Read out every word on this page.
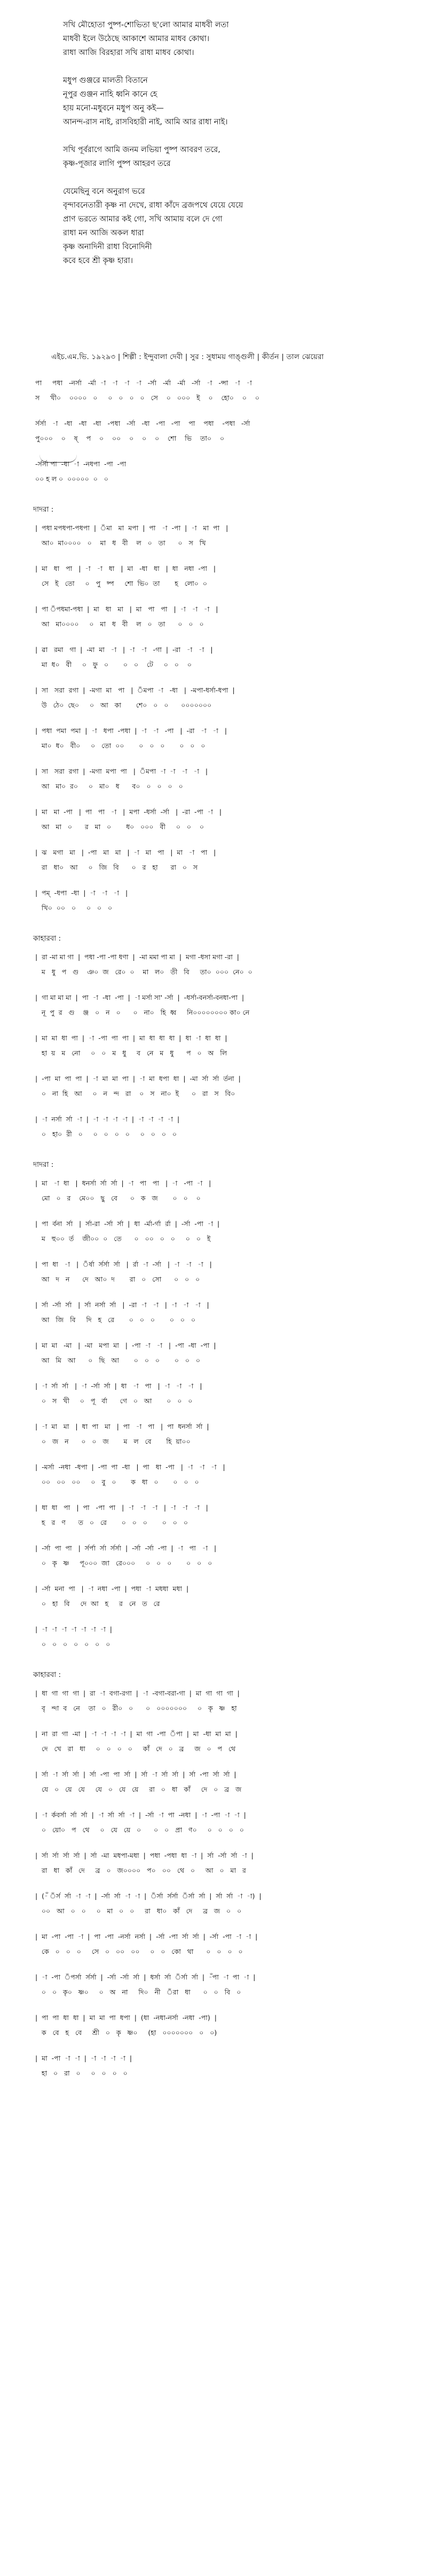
সখি মৌহোতা পুষ্প-শোভিতা ছ'লো আমার মাধবী লতা
মাধবী ইলে উঠেছে আকাশে আমার মাধব কোথা।
রাধা আজি বিরহারা সখি রাধা মাধব কোথা।
মধুপ গুঞ্জরে মালতী বিতানে
নূপুর গুঞ্জন নাহি ধ্বনি কানে হে
হায় মনো-মধুবনে মধুপ অনু কই—
আনন্দ-রাস নাই, রাসবিহারী নাই, আমি আর রাধা নাই।
সখি পূর্বরাগে আমি জনম লভিয়া পুষ্প আবরণ তরে,
কৃষ্ণ-পূজার লাগি পুষ্প আহরণ তরে
যেমেছিনু বনে অনুরাগ ভরে
বৃন্দাবনেতারী কৃষ্ণ না দেখে, রাধা কাঁদে ব্রজপথে যেয়ে যেয়ে
প্রাণ ভরতে আমার কই গো, সখি আমায় বলে দে গো
রাধা মন আজি অকল ধারা
কৃষ্ণ অনাদিনী রাধা বিনোদিনী
কবে হবে শ্রী কৃষ্ণ হারা।
এইচ.এম.ভি. ১৯২৯৩ | শিল্পী : ইন্দুবালা দেবী | সুর : সুধাময় গাঙ্গুলী | কীর্তন | তাল ঝেয়েরা
পা     পধা   -নর্সা   -র্মা  -া   -া   -া   -া   -র্সা   -র্মা   -র্মা   -র্সা   -া   -ন্সা   -া   -া
স     খী০    ০০০০   ০     ০   ০   ০   ০   সে    ০   ০০০   ই    ০    হো০    ০    ০
র্সর্সা   -া   -ধা   -ধা   -ধা   -পধা   -র্সা   -ধা   -পা   -পা    পা    পধা    -পধা   -র্সা
পু০০০    ০    ষ্    প    ০    ০০    ০    ০    ০    শো    ভি    তা০    ০
-র্সর্সা পা  -ধা  -া  -নধপা  -পা  -পা
০০ হ ল ০  ০০০০০  ০   ০
দাদরা :
|  পধা মপধপা-পধপা  |  ঁমা   মা  মপা  |  পা   -া  -পা  |  -া   মা  পা   |
আ০  মা০০০০   ০    মা   ধ   বী    ল   ০   তা      ০   স   খি
|  মা   ধা   পা   |  -া   -া   ধা   |  মা   -ধা   ধা   |  ধা   নধা  -পা   |
সে   ই   তো     ০   পু   ষ্প     শো  ভি০  তা       হ   লো০  ০
|  পা ঁপধমা-পধা  |  মা   ধা   মা   |  মা   পা   পা   |  -া   -া   -া   |
আ   মা০০০০     ০   মা   ধ   বী    ল   ০   তা      ০   ০   ০
|  ৱা   রমা   গা  |  -মা  মা   -া   |  -া   -া   -গা  |  -রা   -া   -া   |
মা  ধ০   বী     ০   ফু   ০       ০   ০    টে     ০   ০    ০
|  সা   সরা  রগা  |  -মগা  মা   পা   |  ঁমপা  -া   -ধা   |  -মপা-ধর্সা-ধপা  |
উ   ঠে০  ছে০     ০   আ   কা       শে০   ০   ০      ০০০০০০০
|  পধা  পমা  পমা  |  -া   ধপা  -পধা  |  -া   -া   -পা   |  -রা   -া   -া   |
মা০  ধ০   বী০     ০   তো  ০০       ০   ০   ০       ০   ০   ০
|  সা   সরা  রগা  |  -মগা  মপা  পা   |  ঁমপা  -া  -া   -া   -া   |
আ   মা০  র০     ০   মা০   ধ      ব০   ০   ০   ০   ০
|  মা   মা  -পা   |  পা   পা   -া   |  মপা  -ধর্সা  -র্সা   |  -রা  -পা  -া   |
আ   মা   ০      র   মা   ০       ধ০   ০০০   বী     ০   ০    ০
|  ঝ   মগা   মা   |  -পা   মা   মা   |  -া   মা   পা   |  মা   -া   পা   |
রা   ধা০   আ     ০   জি   বি      ০   র   হা      রা   ০   স
|  পম্  -ধপা  -ধা  |  -া   -া   -া   |
খি০  ০০   ০     ০   ০   ০
কাহারবা :
|  রা -মা মা গা  |  পধা -পা -পা ধণা  |  -মা মমা পা মা  |  মগা -ধসা মগা -রা  |
ম   ধু   প   গু    ঞ০  জ   রে০  ০    মা   ল০   তী   বি     তা০  ০০০  নে০  ০
|  গা মা মা মা  |  পা  -া  -ধা  -পা  |  -া মর্সা সা' -র্সা  |  -ধর্সা-বনর্সা-বনধা-পা  |
নূ  পু  র   গু    ঞ্জ   ০   ন   ০      ০   না০   হি  ধ্ব     নি০০০০০০০০ কা০ নে
|  মা  মা  ধা  পা  |  -া  -পা  পা  পা  |  মা  ধা  ধা  ধা  |  ধা  -া  ধা  ধা  |
হা  য়   ম   নো     ০   ০   ম   ধু     ব   নে   ম   ধু      প   ০   অ   লি
|  -পা  মা  পা  পা  |  -া  মা  মা  পা  |  -া  মা  ধপা  ধা  |  -মা  র্সা  র্সা  র্তনা  |
০   না  হি   আ     ০   ন   ন্দ   রা    ০   স   না০  ই      ০   রা   স   বি০
|  -া  নর্সা  র্সা  -া  |  -া  -া  -া  -া  |  -া  -া  -া  -া  |
০   হা০  রী   ০     ০   ০   ০   ০     ০   ০   ০   ০
দাদরা :
|  মা   -া  ধা   |  ধনর্সা  র্সা  র্সা  |  -া   পা   পা   |  -া   -পা  -া   |
মো   ০   র    মে০০   ছু   বে      ০   ক   জ       ০   ০    ০
|  পা  র্বনা  র্সা   |  র্সা-রা  -র্সা  র্সা  |  ধা  -র্মা-র্গা  র্রা  |  -র্সা  -পা  -া  |
ম   হু০০  র্ত    জী০০  ০   তে      ০   ০০   ০   ০     ০   ০   ই
|  পা  ধা   -া   |  ঁর্ষা  র্সর্সা  র্সা   |  র্রা  -া  -র্সা   |  -া   -া   -া   |
আ   দ   ন      দে   আ০  দ       রা   ০   সো      ০   ০   ০
|  র্সা  -র্সা  র্সা   |  র্সা  নর্সা  র্সা   |  -রা  -া   -া   |  -া   -া   -া   |
আ   জি   বি     দি   হ   রে       ০   ০   ০       ০   ০   ০
|  মা  মা   -মা   |  -মা   মপা  মা   |  -পা  -া   -া   |  -পা  -ধা  -পা  |
আ   মি   আ      ০   ছি   আ       ০   ০   ০       ০   ০   ০
|  -া  র্সা  র্সা   |  -া  -র্সা  র্সা  |  ধা   -া   পা   |  -া   -া   -া   |
০   স   খী     ০   পূ   র্বা      গে   ০   আ       ০   ০   ০
|  -া  মা   মা   |  ধা  পা   মা   |  পা   -া   পা   |  পা  ধনর্সা  র্সা  |
০   জ   ন      ০   ০   জ       ম   ল   বে       হি  য়া০০
|  -মর্সা  -নধা  -ধপা  |  -পা  পা  -ধা   |  পা   ধা  -পা   |  -া   -া   -া   |
০০   ০০   ০০     ০   বু   ০       ক   ধা   ০       ০   ০   ০
|  ধা  ধা   পা   |  পা   -পা  পা   |  -া   -া   -া   |  -া   -া   -া   |
হ   র   ণ      ত   ০   রে       ০   ০   ০       ০   ০   ০
|  -র্সা  পা  পা   |  র্সর্পা  র্সা  র্সর্সা  |  -র্সা  -র্সা  -পা  |  -া   পা   -া   |
০   কৃ   ষ্ণ     পূ০০০  জা   রে০০০     ০   ০   ০       ০   ০   ০
|  -র্সা  মনা  পা   |  -া  নধা  -পা  |  পধা  -া  মধধা  মধা  |
০   হা   বি     দে  আ   হ     র   নে   ত   রে
|  -া  -া  -া  -া  -া  -া  -া  |
০   ০   ০   ০   ০   ০   ০
কাহারবা :
|  ধা  গা  গা  গা  |  রা  -া  বগা-রগা  |  -া  -বগা-বরা-গা  |  মা  গা  গা  গা  |
বৃ   ন্দা  ব   নে    তা   ০   রী০   ০      ০   ০০০০০০০     ০   কৃ   ষ্ণ   হা
|  না  রা  গা  -মা  |  -া  -া  -া  -া  |  মা  গা  -পা  ঁপা  |  মা  -ধা  মা  মা  |
দে   খে   রা   ধা     ০   ০   ০   ০     কাঁ   দে   ০   ব্র     জ   ০   প   থে
|  র্সা  -া  র্সা  র্সা  |  র্সা  -পা  পা  র্সা  |  র্সা  -া  র্সা  র্সা  |  র্সা  -পা  র্সা  র্সা  |
যে   ০   য়ে   যে     যে   ০   যে   য়ে     রা   ০   ধা   কাঁ     দে   ০   ব্র   জ
|  -া  র্কবর্সা  র্সা  র্সা  |  -া  র্সা  র্সা  -া  |  -র্সা  -া  পা  -নধা  |  -া  -পা  -া  -া  |
০   য়ো০   প   থে     ০   যে   য়ে   ০      ০   ০   প্রা   ণ০     ০   ০   ০   ০
|  র্সা  র্সা  র্সা  র্সা  |  র্সা  -মা  মধপা-মধা  |  পধা  -পধা  ধা  -া  |  র্সা  -র্সা  র্সা  -া  |
রা   ধা   কাঁ   দে     ব্র   ০   জ০০০০   প০   ০০   থে   ০     আ   ০   মা   র
|  (-ঁ ঁর্স  র্সা  -া  -া  |  -র্সা  র্সা  -া  -া  |  ঁর্সা  র্সর্সা  ঁর্সা  র্সা  |  র্সা  র্সা  -া  -া)  |
০০   আ   ০   ০     ০   মা   ০   ০     রা   ধা০   কাঁ   দে     ব্র   জ   ০   ০
|  মা  -পা  -পা  -া  |  পা  -পা  -নর্সা  নর্সা  |  -র্সা  -পা  র্সা  র্সা  |  -র্সা  -পা  -া  -া  |
কে   ০   ০   ০     সে   ০   ০০   ০০     ০   ০   কো   থা      ০   ০   ০   ০
|  -া  -পা  ঁপর্সা  র্সর্সা  |  -র্সা  -র্সা  র্সা  |  ধর্সা  র্সা  ঁর্সা  র্সা  |  -ঁপা  -া  পা  -া  |
০   ০   কৃ০   ষ্ণ০     ০   অ   না     দি০   নী   ঁরা   ধা      ০   ০   বি   ০
|  পা  পা  ধা  ধা  |  মা  মা  পা  ধপা  |  (ধা  -নধা-নর্সা  -নধা  -পা)  |
ক   বে   হ   বে     শ্রী   ০   কৃ   ষ্ণ০     (হা   ০০০০০০০   ০   ০)
|  মা  -পা  -া  -া  |  -া  -া  -া  -া  |
হা   ০   রা   ০     ০   ০   ০   ০
